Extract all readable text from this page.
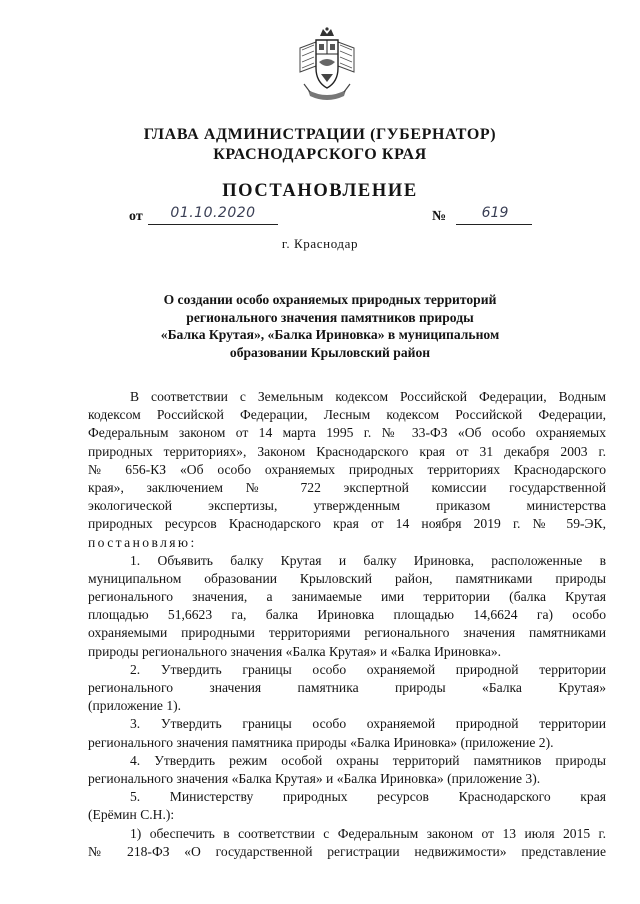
ГЛАВА АДМИНИСТРАЦИИ (ГУБЕРНАТОР)
КРАСНОДАРСКОГО КРАЯ
ПОСТАНОВЛЕНИЕ
от	01.10.2020	№	619
г. Краснодар
О создании особо охраняемых природных территорий
регионального значения памятников природы
«Балка Крутая», «Балка Ириновка» в муниципальном
образовании Крыловский район
В соответствии с Земельным кодексом Российской Федерации, Водным
кодексом Российской Федерации, Лесным кодексом Российской Федерации,
Федеральным законом от 14 марта 1995 г. № 33-ФЗ «Об особо охраняемых
природных территориях», Законом Краснодарского края от 31 декабря 2003 г.
№ 656-КЗ «Об особо охраняемых природных территориях Краснодарского
края», заключением № 722 экспертной комиссии государственной
экологической экспертизы, утвержденным приказом министерства
природных ресурсов Краснодарского края от 14 ноября 2019 г. № 59-ЭК,
постановляю:
1. Объявить балку Крутая и балку Ириновка, расположенные в
муниципальном образовании Крыловский район, памятниками природы
регионального значения, а занимаемые ими территории (балка Крутая
площадью 51,6623 га, балка Ириновка площадью 14,6624 га) особо
охраняемыми природными территориями регионального значения памятниками
природы регионального значения «Балка Крутая» и «Балка Ириновка».
2. Утвердить границы особо охраняемой природной территории
регионального значения памятника природы «Балка Крутая»
(приложение 1).
3. Утвердить границы особо охраняемой природной территории
регионального значения памятника природы «Балка Ириновка» (приложение 2).
4. Утвердить режим особой охраны территорий памятников природы
регионального значения «Балка Крутая» и «Балка Ириновка» (приложение 3).
5. Министерству природных ресурсов Краснодарского края
(Ерёмин С.Н.):
1) обеспечить в соответствии с Федеральным законом от 13 июля 2015 г.
№ 218-ФЗ «О государственной регистрации недвижимости» представление
